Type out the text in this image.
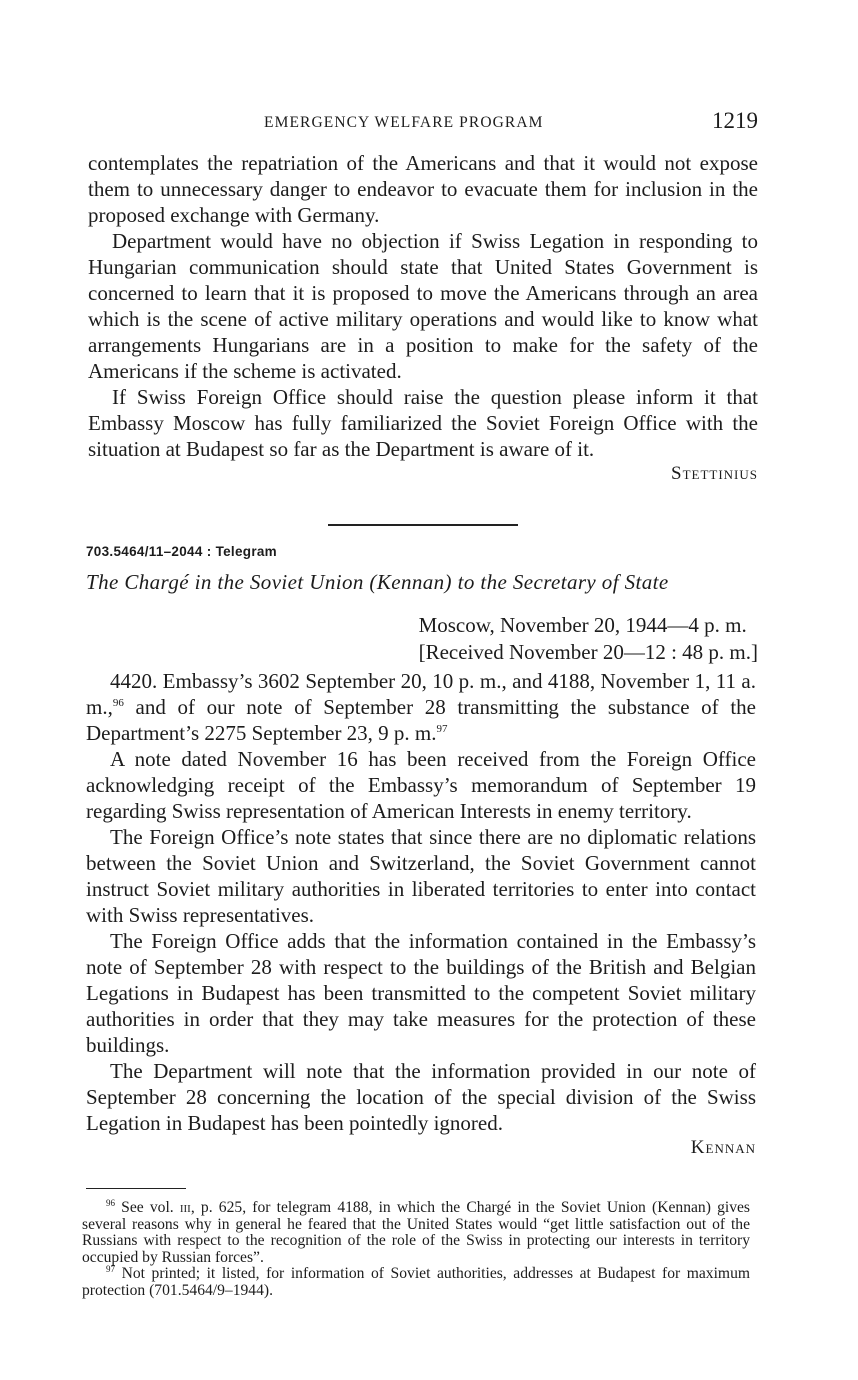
EMERGENCY WELFARE PROGRAM	1219

contemplates the repatriation of the Americans and that it would not expose them to unnecessary danger to endeavor to evacuate them for inclusion in the proposed exchange with Germany.

Department would have no objection if Swiss Legation in responding to Hungarian communication should state that United States Government is concerned to learn that it is proposed to move the Americans through an area which is the scene of active military operations and would like to know what arrangements Hungarians are in a position to make for the safety of the Americans if the scheme is activated.

If Swiss Foreign Office should raise the question please inform it that Embassy Moscow has fully familiarized the Soviet Foreign Office with the situation at Budapest so far as the Department is aware of it.

Stettinius

703.5464/11–2044 : Telegram
The Chargé in the Soviet Union (Kennan) to the Secretary of State
Moscow, November 20, 1944—4 p. m.
[Received November 20—12 : 48 p. m.]

4420. Embassy’s 3602 September 20, 10 p. m., and 4188, November 1, 11 a. m.,$^{96}$ and of our note of September 28 transmitting the substance of the Department’s 2275 September 23, 9 p. m.$^{97}$

A note dated November 16 has been received from the Foreign Office acknowledging receipt of the Embassy’s memorandum of September 19 regarding Swiss representation of American Interests in enemy territory.

The Foreign Office’s note states that since there are no diplomatic relations between the Soviet Union and Switzerland, the Soviet Government cannot instruct Soviet military authorities in liberated territories to enter into contact with Swiss representatives.

The Foreign Office adds that the information contained in the Embassy’s note of September 28 with respect to the buildings of the British and Belgian Legations in Budapest has been transmitted to the competent Soviet military authorities in order that they may take measures for the protection of these buildings.

The Department will note that the information provided in our note of September 28 concerning the location of the special division of the Swiss Legation in Budapest has been pointedly ignored.

Kennan

$^{96}$ See vol. iii, p. 625, for telegram 4188, in which the Chargé in the Soviet Union (Kennan) gives several reasons why in general he feared that the United States would “get little satisfaction out of the Russians with respect to the recognition of the role of the Swiss in protecting our interests in territory occupied by Russian forces”.

$^{97}$ Not printed; it listed, for information of Soviet authorities, addresses at Budapest for maximum protection (701.5464/9–1944).
